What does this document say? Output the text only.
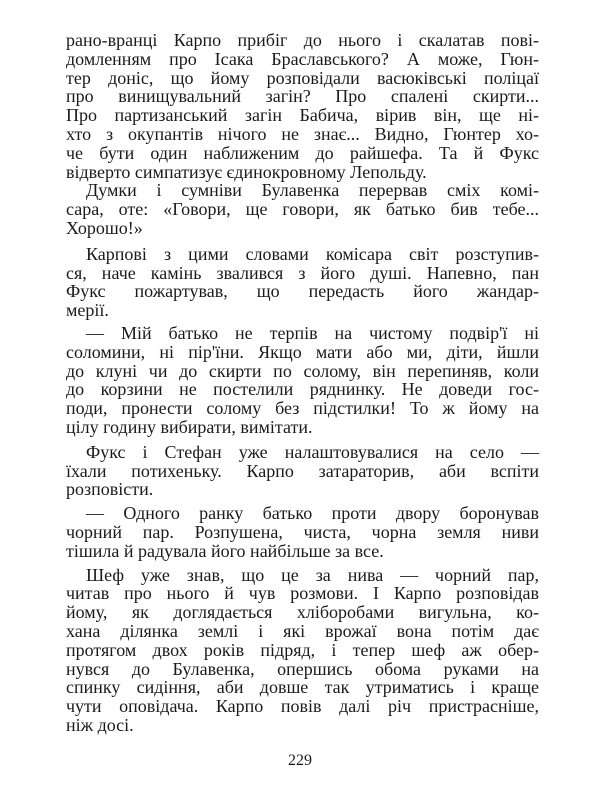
рано-вранці Карпо прибіг до нього і скалатав пові-
домленням про Ісака Браславського? А може, Гюн-
тер доніс, що йому розповідали васюківські поліцаї
про винищувальний загін? Про спалені скирти...
Про партизанський загін Бабича, вірив він, ще ні-
хто з окупантів нічого не знає... Видно, Гюнтер хо-
че бути один наближеним до райшефа. Та й Фукс
відверто симпатизує єдинокровному Лепольду.
Думки і сумніви Булавенка перервав сміх комі-
сара, оте: «Говори, ще говори, як батько бив тебе...
Хорошо!»
Карпові з цими словами комісара світ розступив-
ся, наче камінь звалився з його душі. Напевно, пан
Фукс пожартував, що передасть його жандар-
мерії.
— Мій батько не терпів на чистому подвір'ї ні
соломини, ні пір'їни. Якщо мати або ми, діти, йшли
до клуні чи до скирти по солому, він перепиняв, коли
до корзини не постелили ряднинку. Не доведи гос-
поди, пронести солому без підстилки! То ж йому на
цілу годину вибирати, вимітати.
Фукс і Стефан уже налаштовувалися на село —
їхали потихеньку. Карпо затараторив, аби вспіти
розповісти.
— Одного ранку батько проти двору боронував
чорний пар. Розпушена, чиста, чорна земля ниви
тішила й радувала його найбільше за все.
Шеф уже знав, що це за нива — чорний пар,
читав про нього й чув розмови. І Карпо розповідав
йому, як доглядається хліборобами вигульна, ко-
хана ділянка землі і які врожаї вона потім дає
протягом двох років підряд, і тепер шеф аж обер-
нувся до Булавенка, опершись обома руками на
спинку сидіння, аби довше так утриматись і краще
чути оповідача. Карпо повів далі річ пристрасніше,
ніж досі.
229
